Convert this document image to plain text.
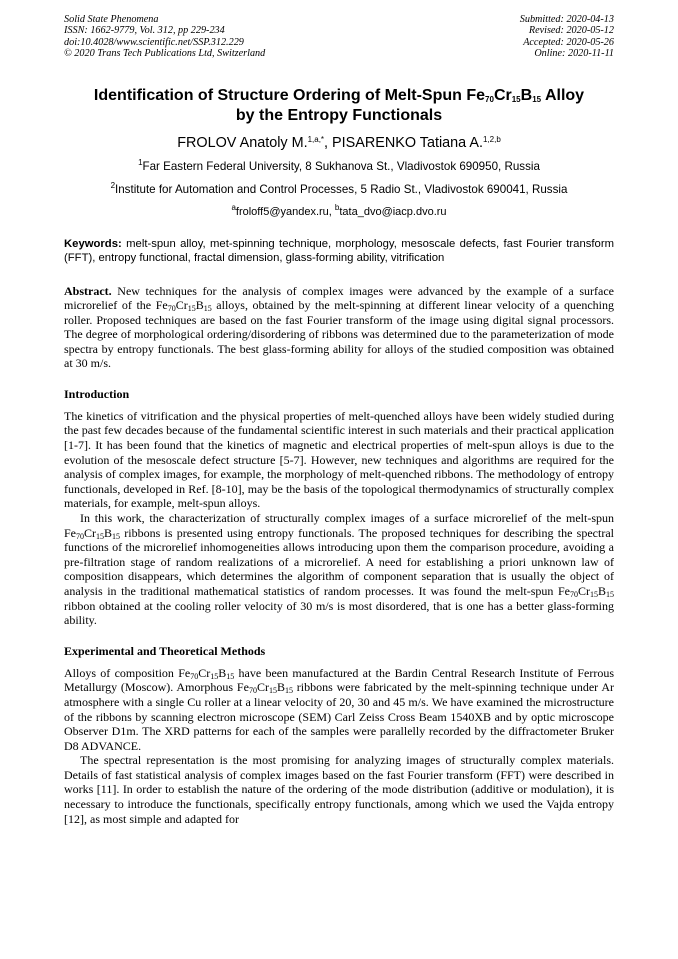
Solid State Phenomena
ISSN: 1662-9779, Vol. 312, pp 229-234
doi:10.4028/www.scientific.net/SSP.312.229
© 2020 Trans Tech Publications Ltd, Switzerland
Submitted: 2020-04-13
Revised: 2020-05-12
Accepted: 2020-05-26
Online: 2020-11-11
Identification of Structure Ordering of Melt-Spun $Fe_{70}Cr_{15}B_{15}$ Alloy
by the Entropy Functionals
FROLOV Anatoly M.$^{1,a,*}$, PISARENKO Tatiana A.$^{1,2,b}$
$^1$Far Eastern Federal University, 8 Sukhanova St., Vladivostok 690950, Russia
$^2$Institute for Automation and Control Processes, 5 Radio St., Vladivostok 690041, Russia
$^a$froloff5@yandex.ru, $^b$tata_dvo@iacp.dvo.ru
Keywords: melt-spun alloy, met-spinning technique, morphology, mesoscale defects, fast Fourier transform (FFT), entropy functional, fractal dimension, glass-forming ability, vitrification
Abstract. New techniques for the analysis of complex images were advanced by the example of a surface microrelief of the $Fe_{70}Cr_{15}B_{15}$ alloys, obtained by the melt-spinning at different linear velocity of a quenching roller. Proposed techniques are based on the fast Fourier transform of the image using digital signal processors. The degree of morphological ordering/disordering of ribbons was determined due to the parameterization of mode spectra by entropy functionals. The best glass-forming ability for alloys of the studied composition was obtained at 30 m/s.
Introduction

The kinetics of vitrification and the physical properties of melt-quenched alloys have been widely studied during the past few decades because of the fundamental scientific interest in such materials and their practical application [1-7]. It has been found that the kinetics of magnetic and electrical properties of melt-spun alloys is due to the evolution of the mesoscale defect structure [5-7]. However, new techniques and algorithms are required for the analysis of complex images, for example, the morphology of melt-quenched ribbons. The methodology of entropy functionals, developed in Ref. [8-10], may be the basis of the topological thermodynamics of structurally complex materials, for example, melt-spun alloys.

In this work, the characterization of structurally complex images of a surface microrelief of the melt-spun $Fe_{70}Cr_{15}B_{15}$ ribbons is presented using entropy functionals. The proposed techniques for describing the spectral functions of the microrelief inhomogeneities allows introducing upon them the comparison procedure, avoiding a pre-filtration stage of random realizations of a microrelief. A need for establishing a priori unknown law of composition disappears, which determines the algorithm of component separation that is usually the object of analysis in the traditional mathematical statistics of random processes. It was found the melt-spun $Fe_{70}Cr_{15}B_{15}$ ribbon obtained at the cooling roller velocity of 30 m/s is most disordered, that is one has a better glass-forming ability.

Experimental and Theoretical Methods

Alloys of composition $Fe_{70}Cr_{15}B_{15}$ have been manufactured at the Bardin Central Research Institute of Ferrous Metallurgy (Moscow). Amorphous $Fe_{70}Cr_{15}B_{15}$ ribbons were fabricated by the melt-spinning technique under Ar atmosphere with a single Cu roller at a linear velocity of 20, 30 and 45 m/s. We have examined the microstructure of the ribbons by scanning electron microscope (SEM) Carl Zeiss Cross Beam 1540XB and by optic microscope Observer D1m. The XRD patterns for each of the samples were parallelly recorded by the diffractometer Bruker D8 ADVANCE.

The spectral representation is the most promising for analyzing images of structurally complex materials. Details of fast statistical analysis of complex images based on the fast Fourier transform (FFT) were described in works [11]. In order to establish the nature of the ordering of the mode distribution (additive or modulation), it is necessary to introduce the functionals, specifically entropy functionals, among which we used the Vajda entropy [12], as most simple and adapted for
